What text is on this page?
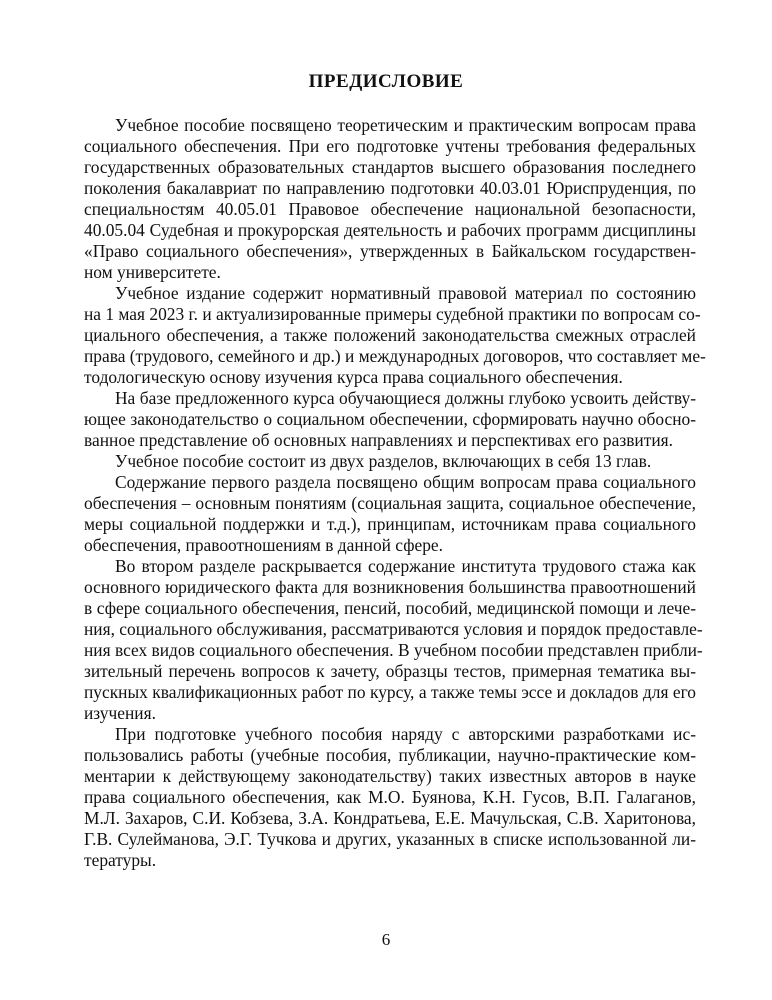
ПРЕДИСЛОВИЕ
Учебное пособие посвящено теоретическим и практическим вопросам права
социального обеспечения. При его подготовке учтены требования федеральных
государственных образовательных стандартов высшего образования последнего
поколения бакалавриат по направлению подготовки 40.03.01 Юриспруденция, по
специальностям 40.05.01 Правовое обеспечение национальной безопасности,
40.05.04 Судебная и прокурорская деятельность и рабочих программ дисциплины
«Право социального обеспечения», утвержденных в Байкальском государствен-
ном университете.
Учебное издание содержит нормативный правовой материал по состоянию
на 1 мая 2023 г. и актуализированные примеры судебной практики по вопросам со-
циального обеспечения, а также положений законодательства смежных отраслей
права (трудового, семейного и др.) и международных договоров, что составляет ме-
тодологическую основу изучения курса права социального обеспечения.
На базе предложенного курса обучающиеся должны глубоко усвоить действу-
ющее законодательство о социальном обеспечении, сформировать научно обосно-
ванное представление об основных направлениях и перспективах его развития.
Учебное пособие состоит из двух разделов, включающих в себя 13 глав.
Содержание первого раздела посвящено общим вопросам права социального
обеспечения – основным понятиям (социальная защита, социальное обеспечение,
меры социальной поддержки и т.д.), принципам, источникам права социального
обеспечения, правоотношениям в данной сфере.
Во втором разделе раскрывается содержание института трудового стажа как
основного юридического факта для возникновения большинства правоотношений
в сфере социального обеспечения, пенсий, пособий, медицинской помощи и лече-
ния, социального обслуживания, рассматриваются условия и порядок предоставле-
ния всех видов социального обеспечения. В учебном пособии представлен прибли-
зительный перечень вопросов к зачету, образцы тестов, примерная тематика вы-
пускных квалификационных работ по курсу, а также темы эссе и докладов для его
изучения.
При подготовке учебного пособия наряду с авторскими разработками ис-
пользовались работы (учебные пособия, публикации, научно-практические ком-
ментарии к действующему законодательству) таких известных авторов в науке
права социального обеспечения, как М.О. Буянова, К.Н. Гусов, В.П. Галаганов,
М.Л. Захаров, С.И. Кобзева, З.А. Кондратьева, Е.Е. Мачульская, С.В. Харитонова,
Г.В. Сулейманова, Э.Г. Тучкова и других, указанных в списке использованной ли-
тературы.
6
